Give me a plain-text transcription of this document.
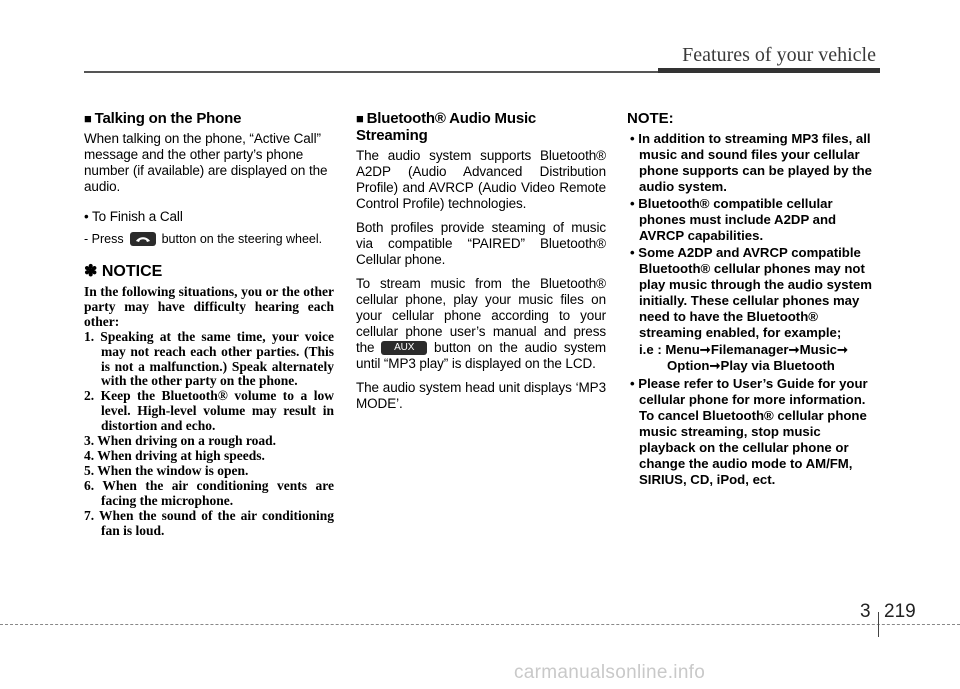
Features of your vehicle
■ Talking on the Phone

When talking on the phone, “Active Call” message and the other party’s phone number (if available) are displayed on the audio.

• To Finish a Call

- Press	button on the steering wheel.
✽ NOTICE

In the following situations, you or the other party may have difficulty hearing each other:

1. Speaking at the same time, your voice may not reach each other parties. (This is not a malfunction.) Speak alternately with the other party on the phone.
2. Keep the Bluetooth® volume to a low level. High-level volume may result in distortion and echo.
3. When driving on a rough road.
4. When driving at high speeds.
5. When the window is open.
6. When the air conditioning vents are facing the microphone.
7. When the sound of the air conditioning fan is loud.
■ Bluetooth® Audio Music Streaming

The audio system supports Bluetooth® A2DP (Audio Advanced Distribution Profile) and AVRCP (Audio Video Remote Control Profile) technologies.

Both profiles provide steaming of music via compatible “PAIRED” Bluetooth® Cellular phone.

To stream music from the Bluetooth® cellular phone, play your music files on your cellular phone according to your cellular phone user’s manual and press the AUX button on the audio system until “MP3 play” is displayed on the LCD.

The audio system head unit displays ‘MP3 MODE’.

NOTE:
• In addition to streaming MP3 files, all music and sound files your cellular phone supports can be played by the audio system.
• Bluetooth® compatible cellular phones must include A2DP and AVRCP capabilities.
• Some A2DP and AVRCP compatible Bluetooth® cellular phones may not play music through the audio system initially. These cellular phones may need to have the Bluetooth® streaming enabled, for example;
i.e : Menu➞Filemanager➞Music➞
Option➞Play via Bluetooth
• Please refer to User’s Guide for your cellular phone for more information. To cancel Bluetooth® cellular phone music streaming, stop music playback on the cellular phone or change the audio mode to AM/FM, SIRIUS, CD, iPod, ect.
3 219
carmanualsonline.info
